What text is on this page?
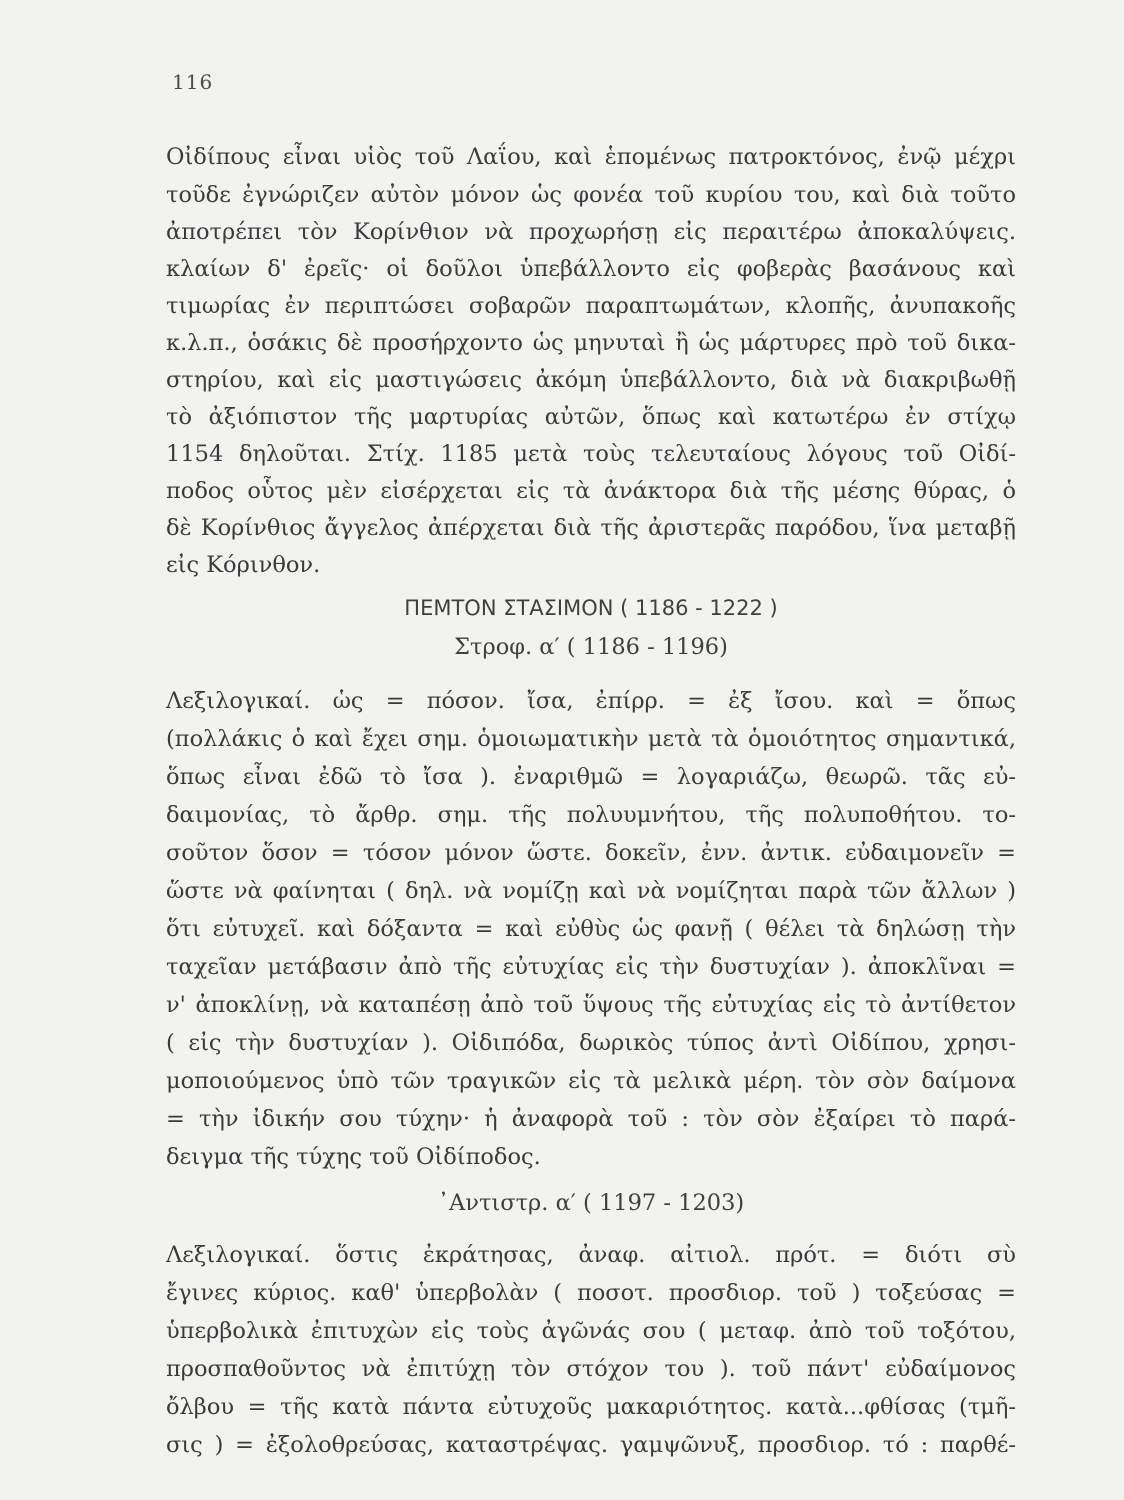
116
Οἰδίπους εἶναι υἱὸς τοῦ Λαΐου, καὶ ἑπομένως πατροκτόνος, ἐνῷ μέχρι
τοῦδε ἐγνώριζεν αὐτὸν μόνον ὡς φονέα τοῦ κυρίου του, καὶ διὰ τοῦτο
ἀποτρέπει τὸν Κορίνθιον νὰ προχωρήσῃ εἰς περαιτέρω ἀποκαλύψεις.
κλαίων δ' ἐρεῖς· οἱ δοῦλοι ὑπεβάλλοντο εἰς φοβερὰς βασάνους καὶ
τιμωρίας ἐν περιπτώσει σοβαρῶν παραπτωμάτων, κλοπῆς, ἀνυπακοῆς
κ.λ.π., ὁσάκις δὲ προσήρχοντο ὡς μηνυταὶ ἢ ὡς μάρτυρες πρὸ τοῦ δικα-
στηρίου, καὶ εἰς μαστιγώσεις ἀκόμη ὑπεβάλλοντο, διὰ νὰ διακριβωθῇ
τὸ ἀξιόπιστον τῆς μαρτυρίας αὐτῶν, ὅπως καὶ κατωτέρω ἐν στίχῳ
1154 δηλοῦται. Στίχ. 1185 μετὰ τοὺς τελευταίους λόγους τοῦ Οἰδί-
ποδος οὗτος μὲν εἰσέρχεται εἰς τὰ ἀνάκτορα διὰ τῆς μέσης θύρας, ὁ
δὲ Κορίνθιος ἄγγελος ἀπέρχεται διὰ τῆς ἀριστερᾶς παρόδου, ἵνα μεταβῇ
εἰς Κόρινθον.
ΠΕΜΤΟΝ ΣΤΑΣΙΜΟΝ ( 1186 - 1222 )
Στροφ. α′ ( 1186 - 1196)
Λεξιλογικαί. ὡς = πόσον. ἴσα, ἐπίρρ. = ἐξ ἴσου. καὶ = ὅπως
(πολλάκις ὁ καὶ ἔχει σημ. ὁμοιωματικὴν μετὰ τὰ ὁμοιότητος σημαντικά,
ὅπως εἶναι ἐδῶ τὸ ἴσα ). ἐναριθμῶ = λογαριάζω, θεωρῶ. τᾶς εὐ-
δαιμονίας, τὸ ἄρθρ. σημ. τῆς πολυυμνήτου, τῆς πολυποθήτου. το-
σοῦτον ὅσον = τόσον μόνον ὥστε. δοκεῖν, ἐνν. ἀντικ. εὐδαιμονεῖν =
ὥστε νὰ φαίνηται ( δηλ. νὰ νομίζῃ καὶ νὰ νομίζηται παρὰ τῶν ἄλλων )
ὅτι εὐτυχεῖ. καὶ δόξαντα = καὶ εὐθὺς ὡς φανῇ ( θέλει τὰ δηλώσῃ τὴν
ταχεῖαν μετάβασιν ἀπὸ τῆς εὐτυχίας εἰς τὴν δυστυχίαν ). ἀποκλῖναι =
ν' ἀποκλίνῃ, νὰ καταπέσῃ ἀπὸ τοῦ ὕψους τῆς εὐτυχίας εἰς τὸ ἀντίθετον
( εἰς τὴν δυστυχίαν ). Οἰδιπόδα, δωρικὸς τύπος ἀντὶ Οἰδίπου, χρησι-
μοποιούμενος ὑπὸ τῶν τραγικῶν εἰς τὰ μελικὰ μέρη. τὸν σὸν δαίμονα
= τὴν ἰδικήν σου τύχην· ἡ ἀναφορὰ τοῦ : τὸν σὸν ἐξαίρει τὸ παρά-
δειγμα τῆς τύχης τοῦ Οἰδίποδος.
᾿Αντιστρ. α′ ( 1197 - 1203)
Λεξιλογικαί. ὅστις ἐκράτησας, ἀναφ. αἰτιολ. πρότ. = διότι σὺ
ἔγινες κύριος. καθ' ὑπερβολὰν ( ποσοτ. προσδιορ. τοῦ ) τοξεύσας =
ὑπερβολικὰ ἐπιτυχὼν εἰς τοὺς ἀγῶνάς σου ( μεταφ. ἀπὸ τοῦ τοξότου,
προσπαθοῦντος νὰ ἐπιτύχῃ τὸν στόχον του ). τοῦ πάντ' εὐδαίμονος
ὄλβου = τῆς κατὰ πάντα εὐτυχοῦς μακαριότητος. κατὰ...φθίσας (τμῆ-
σις ) = ἐξολοθρεύσας, καταστρέψας. γαμψῶνυξ, προσδιορ. τό : παρθέ-
